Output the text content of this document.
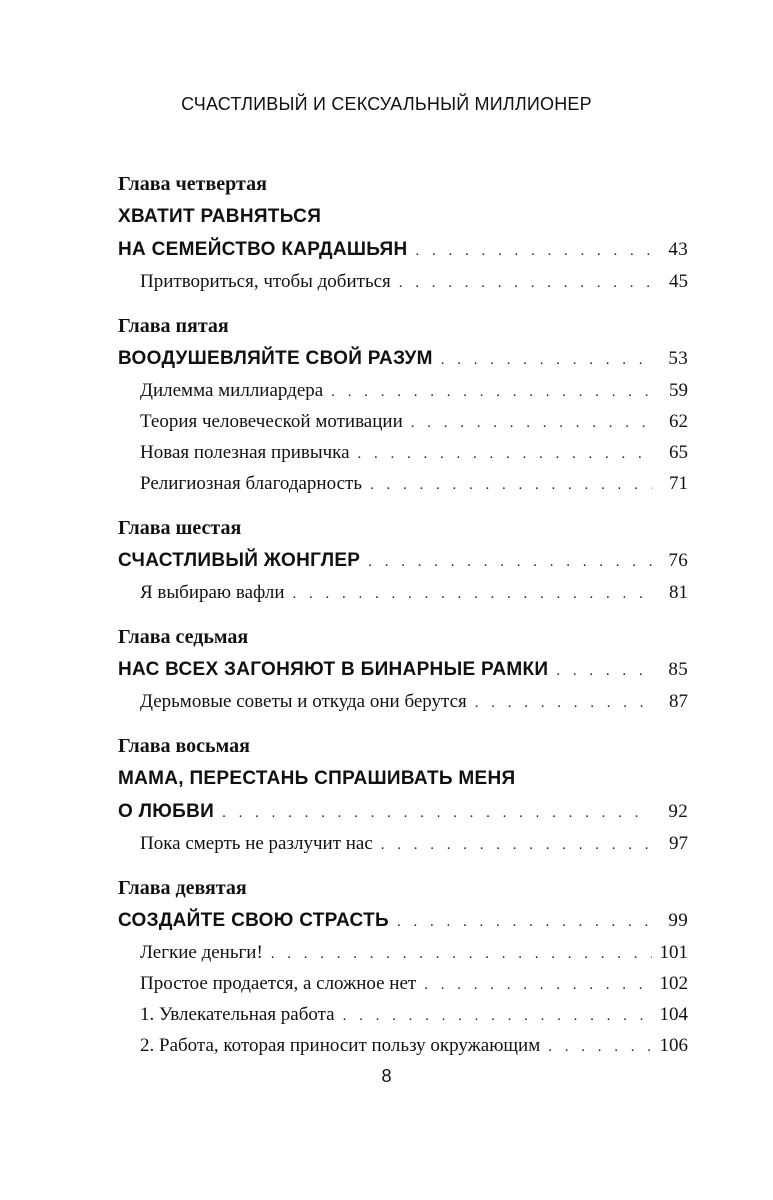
СЧАСТЛИВЫЙ И СЕКСУАЛЬНЫЙ МИЛЛИОНЕР
Глава четвертая
ХВАТИТ РАВНЯТЬСЯ
НА СЕМЕЙСТВО КАРДАШЬЯН . . .	43
Притвориться, чтобы добиться . . .	45
Глава пятая
ВООДУШЕВЛЯЙТЕ СВОЙ РАЗУМ . . .	53
Дилемма миллиардера . . .	59
Теория человеческой мотивации . . .	62
Новая полезная привычка . . .	65
Религиозная благодарность . . .	71
Глава шестая
СЧАСТЛИВЫЙ ЖОНГЛЕР . . .	76
Я выбираю вафли . . .	81
Глава седьмая
НАС ВСЕХ ЗАГОНЯЮТ В БИНАРНЫЕ РАМКИ . . .	85
Дерьмовые советы и откуда они берутся . . .	87
Глава восьмая
МАМА, ПЕРЕСТАНЬ СПРАШИВАТЬ МЕНЯ
О ЛЮБВИ . . .	92
Пока смерть не разлучит нас . . .	97
Глава девятая
СОЗДАЙТЕ СВОЮ СТРАСТЬ . . .	99
Легкие деньги! . . .	101
Простое продается, а сложное нет . . .	102
1. Увлекательная работа . . .	104
2. Работа, которая приносит пользу окружающим . . .	106
8
